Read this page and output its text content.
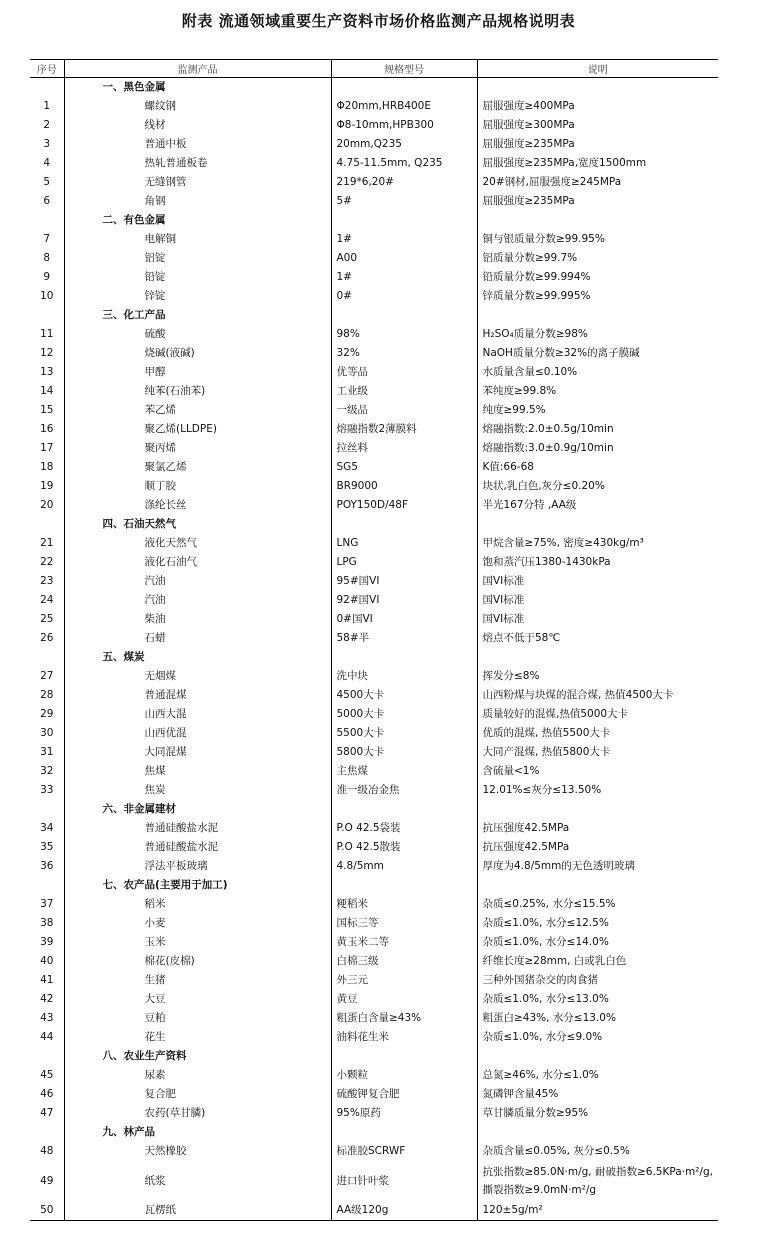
附表 流通领域重要生产资料市场价格监测产品规格说明表
序号	监测产品	规格型号	说明
	一、黑色金属		
1	螺纹钢	Φ20mm,HRB400E	屈服强度≥400MPa
2	线材	Φ8-10mm,HPB300	屈服强度≥300MPa
3	普通中板	20mm,Q235	屈服强度≥235MPa
4	热轧普通板卷	4.75-11.5mm, Q235	屈服强度≥235MPa,宽度1500mm
5	无缝钢管	219*6,20#	20#钢材,屈服强度≥245MPa
6	角钢	5#	屈服强度≥235MPa
	二、有色金属		
7	电解铜	1#	铜与银质量分数≥99.95%
8	铝锭	A00	铝质量分数≥99.7%
9	铅锭	1#	铅质量分数≥99.994%
10	锌锭	0#	锌质量分数≥99.995%
	三、化工产品		
11	硫酸	98%	H₂SO₄质量分数≥98%
12	烧碱(液碱)	32%	NaOH质量分数≥32%的离子膜碱
13	甲醇	优等品	水质量含量≤0.10%
14	纯苯(石油苯)	工业级	苯纯度≥99.8%
15	苯乙烯	一级品	纯度≥99.5%
16	聚乙烯(LLDPE)	熔融指数2薄膜料	熔融指数:2.0±0.5g/10min
17	聚丙烯	拉丝料	熔融指数:3.0±0.9g/10min
18	聚氯乙烯	SG5	K值:66-68
19	顺丁胶	BR9000	块状,乳白色,灰分≤0.20%
20	涤纶长丝	POY150D/48F	半光167分特 ,AA级
	四、石油天然气		
21	液化天然气	LNG	甲烷含量≥75%, 密度≥430kg/m³
22	液化石油气	LPG	饱和蒸汽压1380-1430kPa
23	汽油	95#国VI	国VI标准
24	汽油	92#国VI	国VI标准
25	柴油	0#国VI	国VI标准
26	石蜡	58#半	熔点不低于58℃
	五、煤炭		
27	无烟煤	洗中块	挥发分≤8%
28	普通混煤	4500大卡	山西粉煤与块煤的混合煤, 热值4500大卡
29	山西大混	5000大卡	质量较好的混煤,热值5000大卡
30	山西优混	5500大卡	优质的混煤, 热值5500大卡
31	大同混煤	5800大卡	大同产混煤, 热值5800大卡
32	焦煤	主焦煤	含硫量<1%
33	焦炭	准一级冶金焦	12.01%≤灰分≤13.50%
	六、非金属建材		
34	普通硅酸盐水泥	P.O 42.5袋装	抗压强度42.5MPa
35	普通硅酸盐水泥	P.O 42.5散装	抗压强度42.5MPa
36	浮法平板玻璃	4.8/5mm	厚度为4.8/5mm的无色透明玻璃
	七、农产品(主要用于加工)		
37	稻米	粳稻米	杂质≤0.25%, 水分≤15.5%
38	小麦	国标三等	杂质≤1.0%, 水分≤12.5%
39	玉米	黄玉米二等	杂质≤1.0%, 水分≤14.0%
40	棉花(皮棉)	白棉三级	纤维长度≥28mm, 白或乳白色
41	生猪	外三元	三种外国猪杂交的肉食猪
42	大豆	黄豆	杂质≤1.0%, 水分≤13.0%
43	豆粕	粗蛋白含量≥43%	粗蛋白≥43%, 水分≤13.0%
44	花生	油料花生米	杂质≤1.0%, 水分≤9.0%
	八、农业生产资料		
45	尿素	小颗粒	总氮≥46%, 水分≤1.0%
46	复合肥	硫酸钾复合肥	氮磷钾含量45%
47	农药(草甘膦)	95%原药	草甘膦质量分数≥95%
	九、林产品		
48	天然橡胶	标准胶SCRWF	杂质含量≤0.05%, 灰分≤0.5%
49	纸浆	进口针叶浆	抗张指数≥85.0N·m/g, 耐破指数≥6.5KPa·m²/g, 撕裂指数≥9.0mN·m²/g
50	瓦楞纸	AA级120g	120±5g/m²
